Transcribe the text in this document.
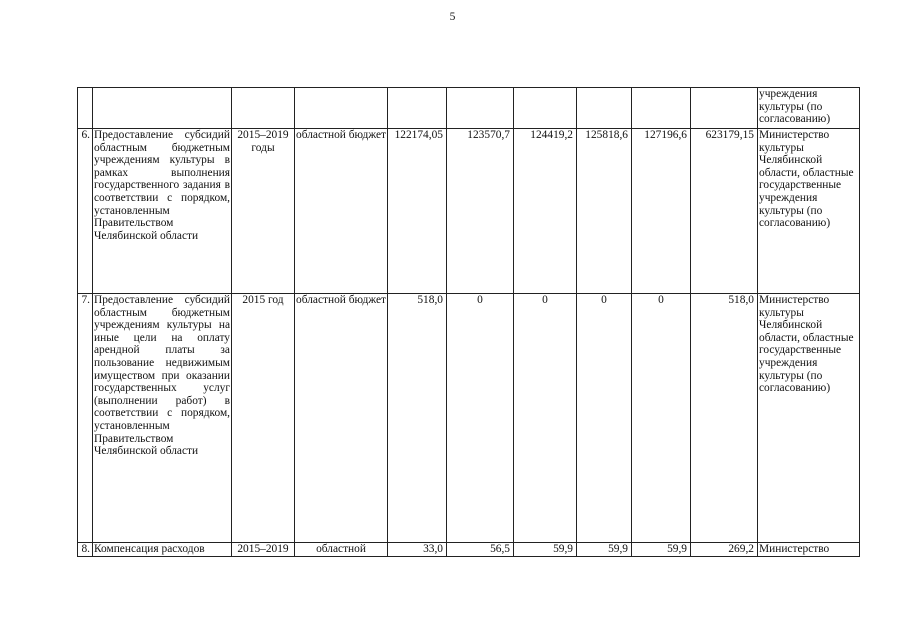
5
										учреждения культуры (по согласованию)
6.	Предоставление субсидий областным бюджетным учреждениям культуры в рамках выполнения государственного задания в соответствии с порядком, установленным Правительством Челябинской области	2015–2019 годы	областной бюджет	122174,05	123570,7	124419,2	125818,6	127196,6	623179,15	Министерство культуры Челябинской области, областные государственные учреждения культуры (по согласованию)
7.	Предоставление субсидий областным бюджетным учреждениям культуры на иные цели на оплату арендной платы за пользование недвижимым имуществом при оказании государственных услуг (выполнении работ) в соответствии с порядком, установленным Правительством Челябинской области	2015 год	областной бюджет	518,0	0	0	0	0	518,0	Министерство культуры Челябинской области, областные государственные учреждения культуры (по согласованию)
8.	Компенсация расходов	2015–2019	областной	33,0	56,5	59,9	59,9	59,9	269,2	Министерство
